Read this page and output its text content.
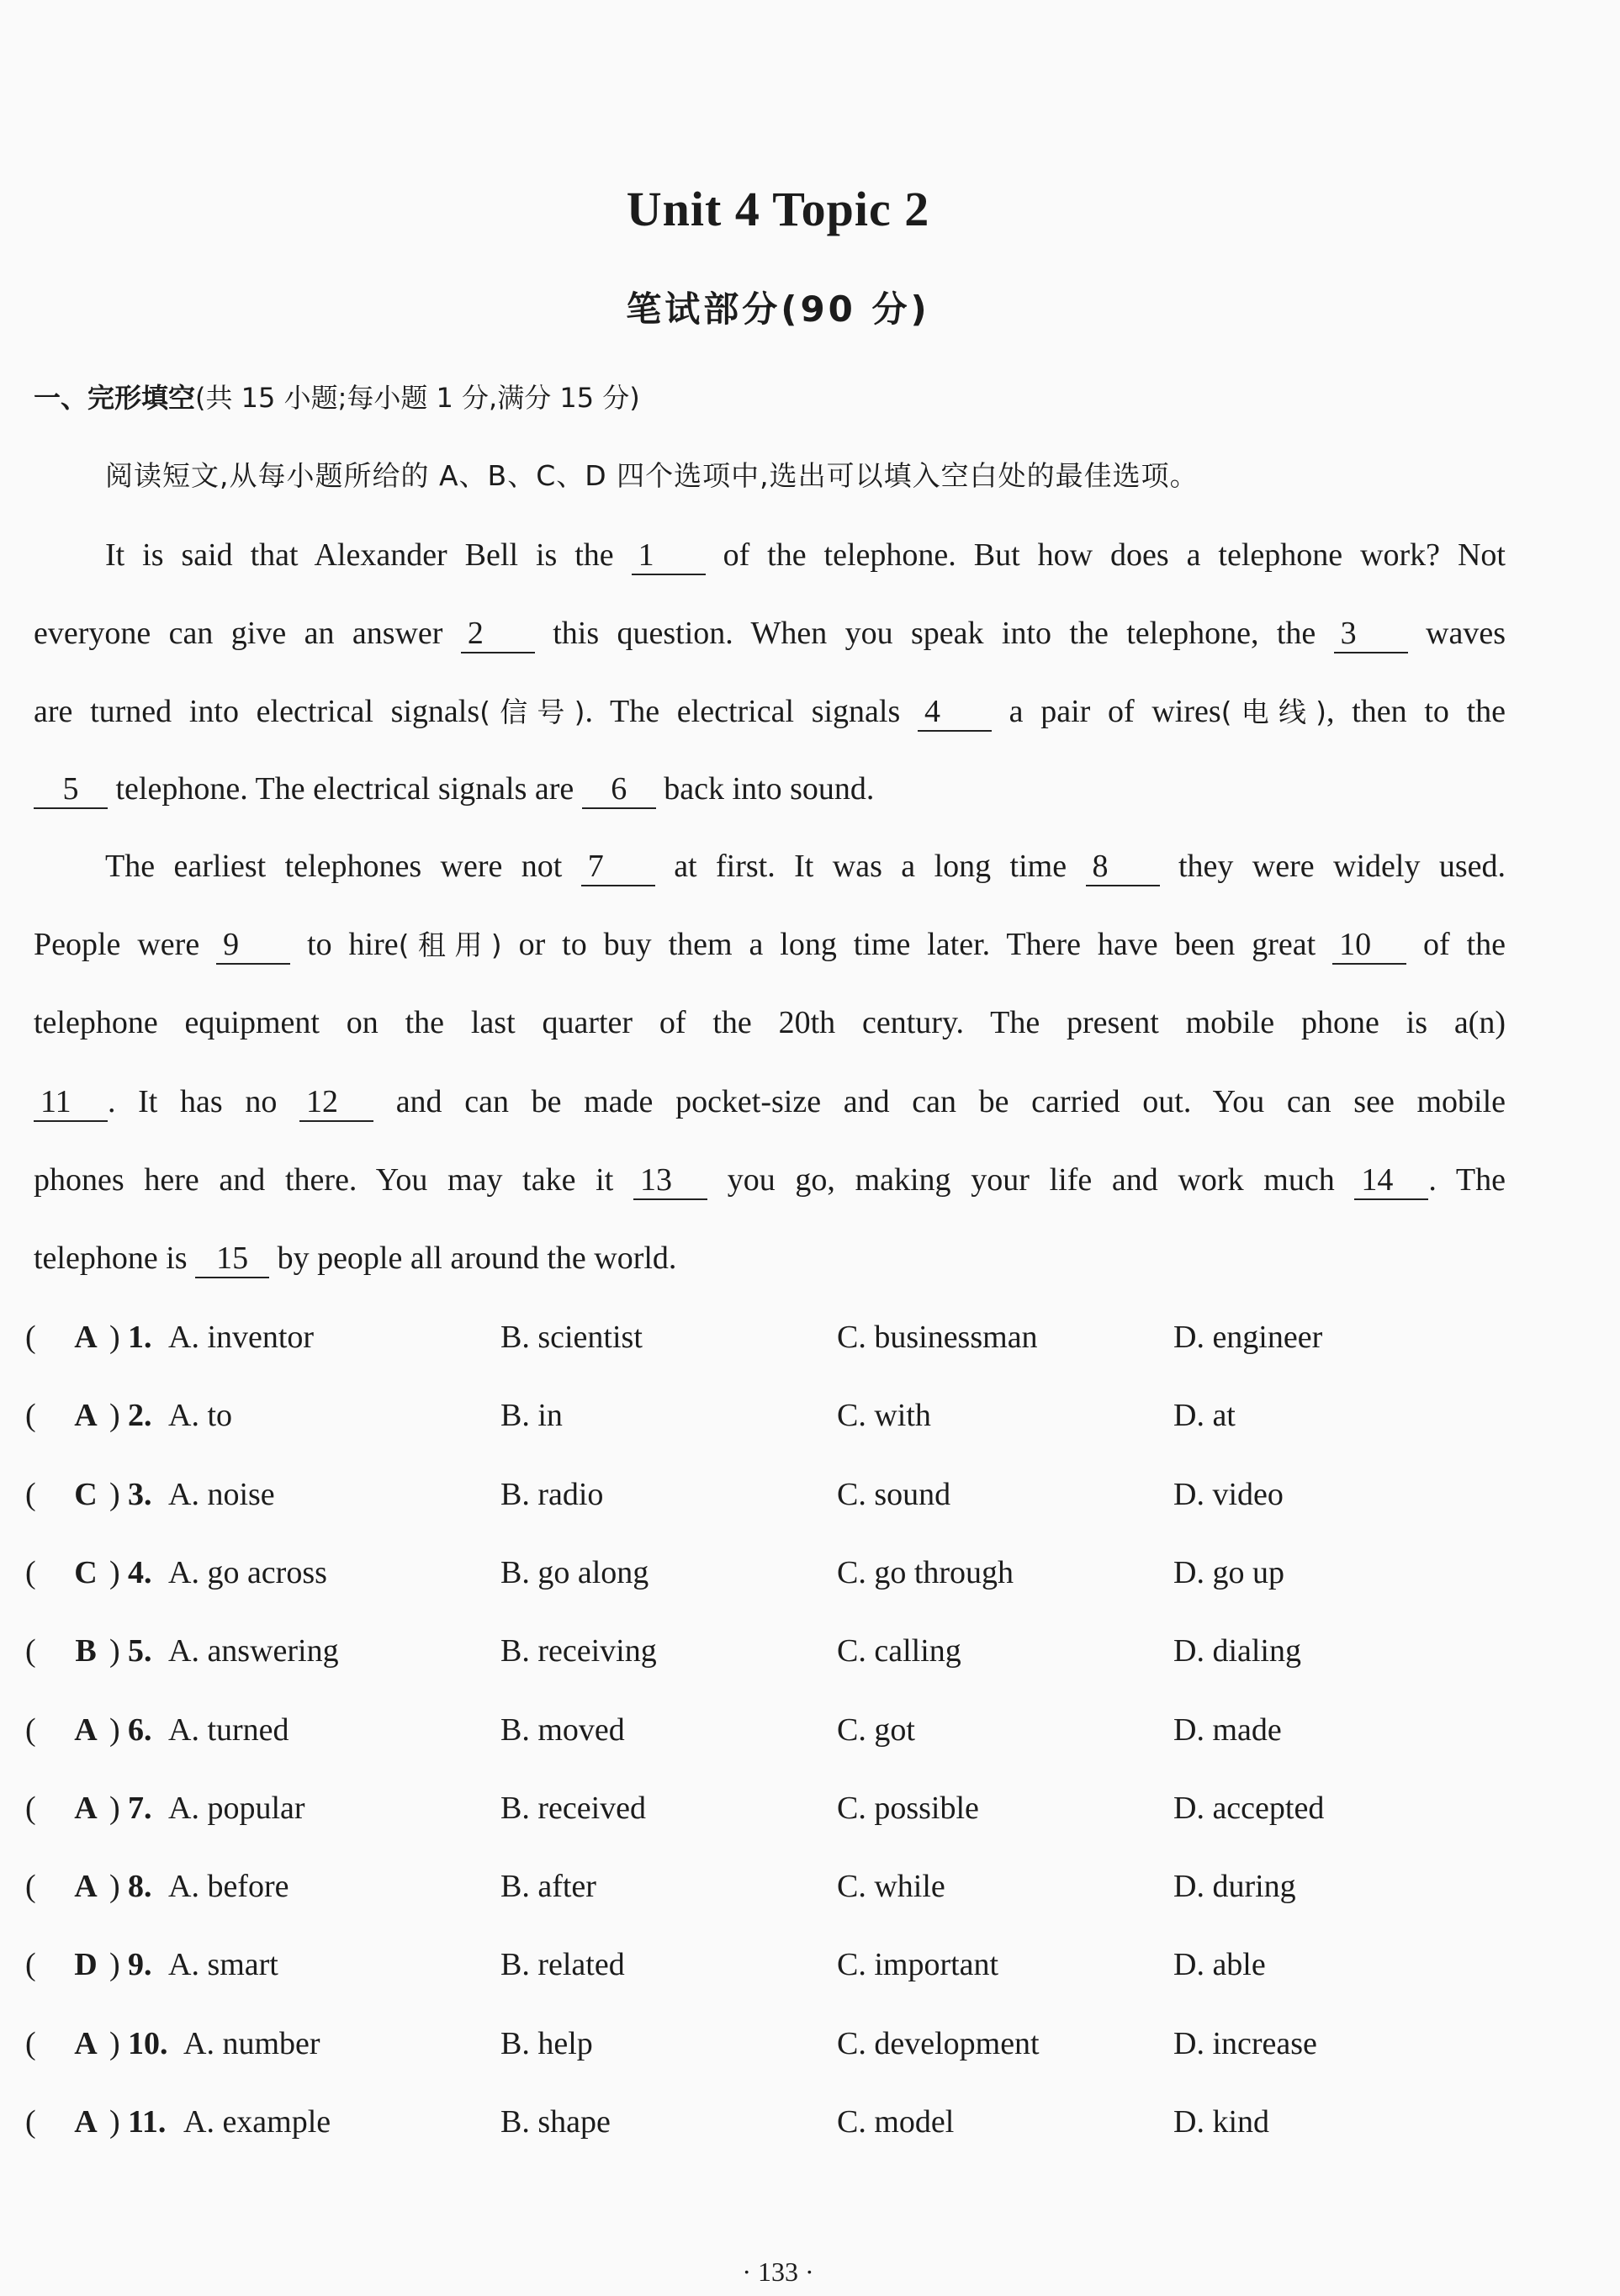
Unit 4 Topic 2
笔试部分(90 分)
一、完形填空(共 15 小题;每小题 1 分,满分 15 分)
阅读短文,从每小题所给的 A、B、C、D 四个选项中,选出可以填入空白处的最佳选项。
It is said that Alexander Bell is the 1 of the telephone. But how does a telephone work? Not
everyone can give an answer 2 this question. When you speak into the telephone, the 3 waves
are turned into electrical signals(信号). The electrical signals 4 a pair of wires(电线), then to the
5 telephone. The electrical signals are 6 back into sound.
The earliest telephones were not 7 at first. It was a long time 8 they were widely used.
People were 9 to hire(租用) or to buy them a long time later. There have been great 10 of the
telephone equipment on the last quarter of the 20th century. The present mobile phone is a(n)
11 . It has no 12 and can be made pocket-size and can be carried out. You can see mobile
phones here and there. You may take it 13 you go, making your life and work much 14 . The
telephone is 15 by people all around the world.
( A ) 1. A. inventor	B. scientist	C. businessman	D. engineer
( A ) 2. A. to	B. in	C. with	D. at
( C ) 3. A. noise	B. radio	C. sound	D. video
( C ) 4. A. go across	B. go along	C. go through	D. go up
( B ) 5. A. answering	B. receiving	C. calling	D. dialing
( A ) 6. A. turned	B. moved	C. got	D. made
( A ) 7. A. popular	B. received	C. possible	D. accepted
( A ) 8. A. before	B. after	C. while	D. during
( D ) 9. A. smart	B. related	C. important	D. able
( A ) 10. A. number	B. help	C. development	D. increase
( A ) 11. A. example	B. shape	C. model	D. kind
· 133 ·
